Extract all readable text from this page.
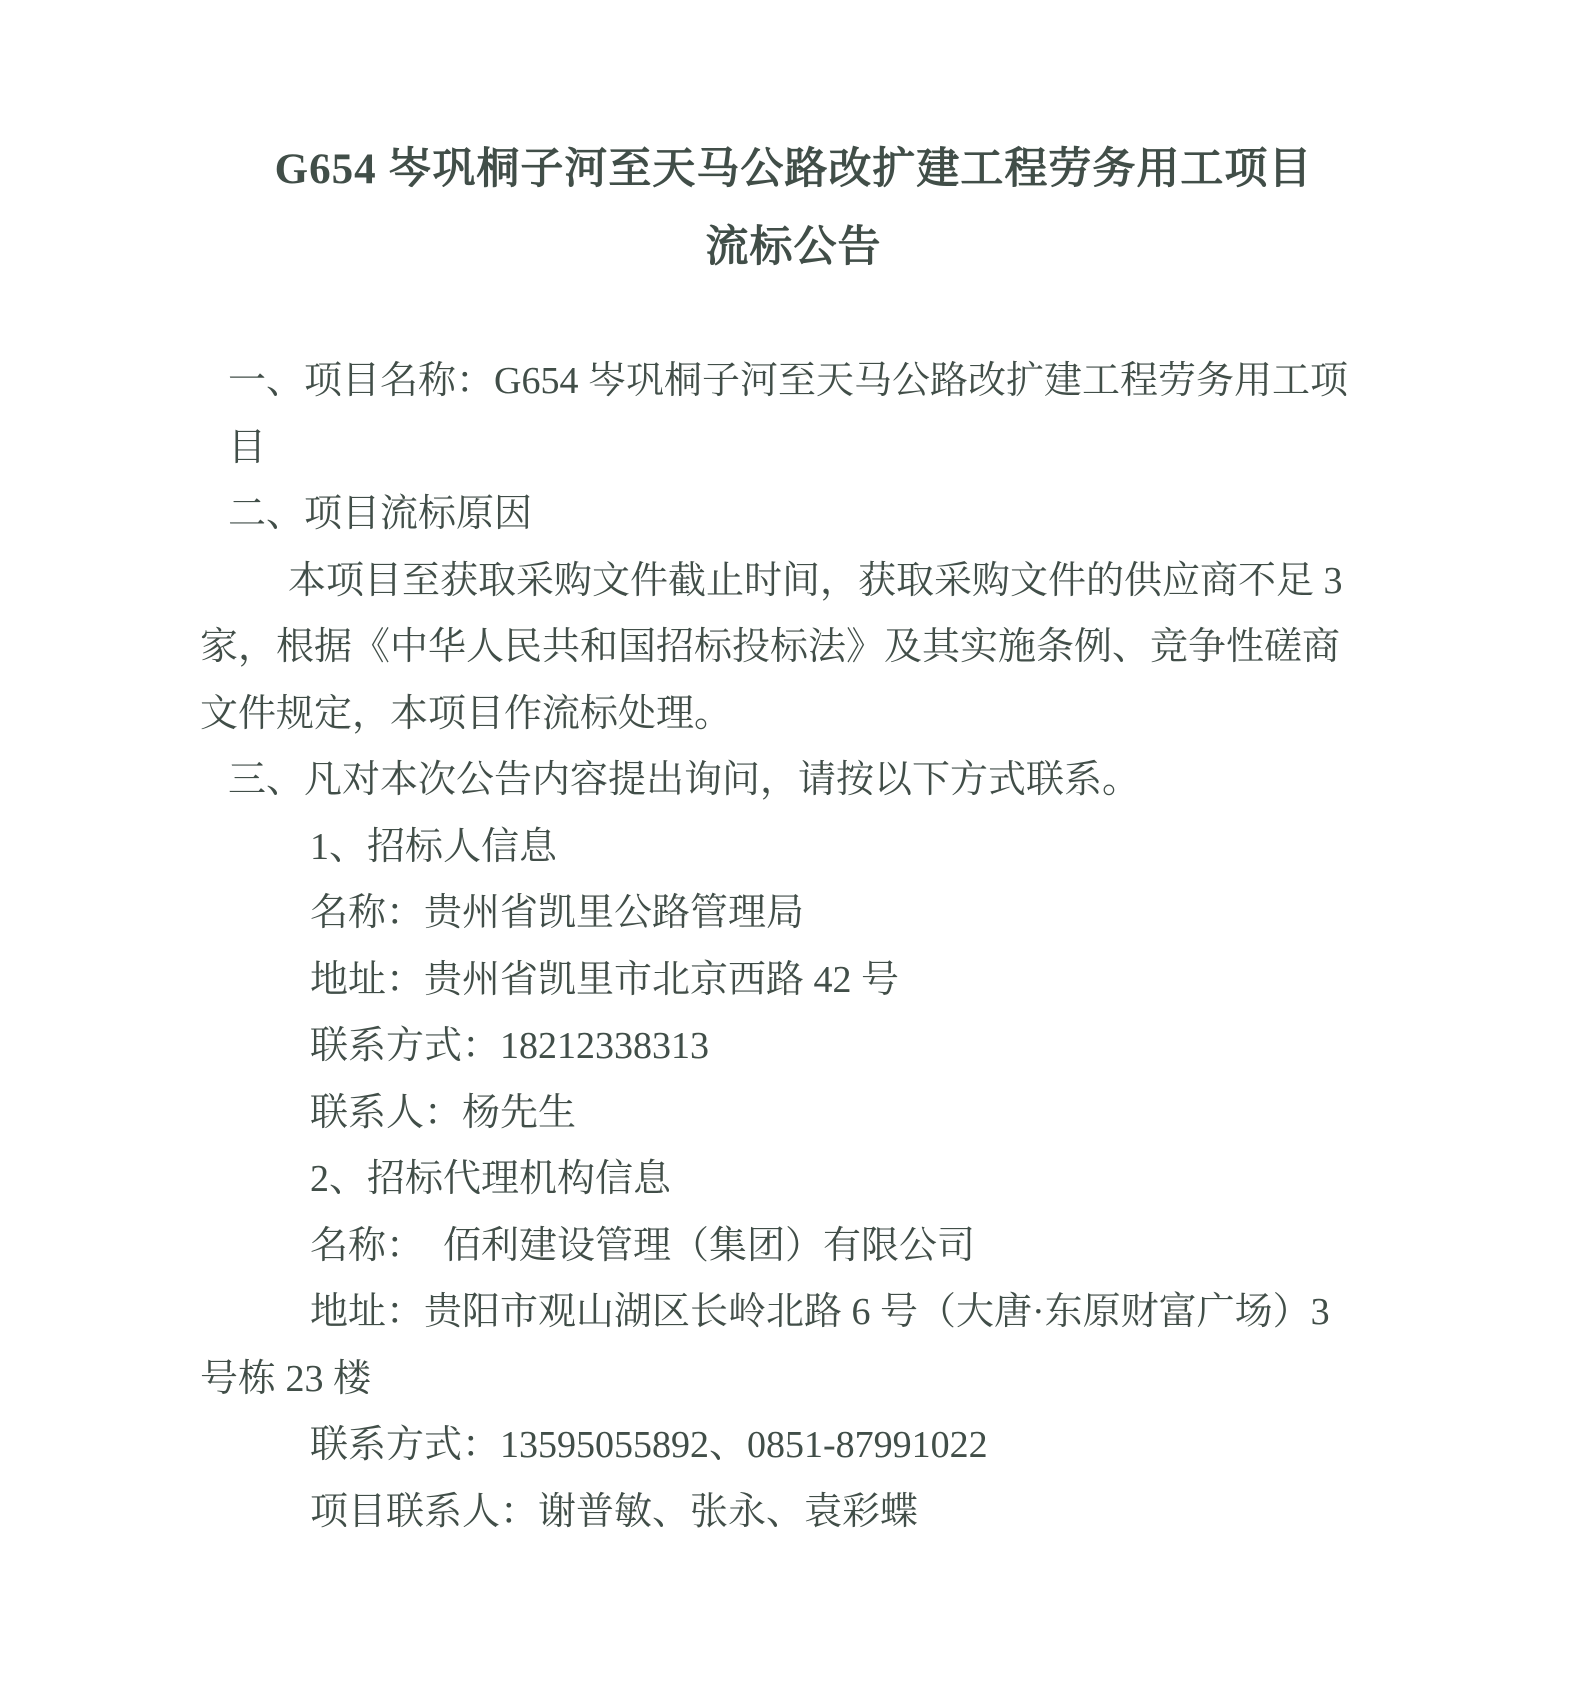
G654 岑巩桐子河至天马公路改扩建工程劳务用工项目
流标公告
一、项目名称：G654 岑巩桐子河至天马公路改扩建工程劳务用工项
目
二、项目流标原因
本项目至获取采购文件截止时间，获取采购文件的供应商不足 3
家，根据《中华人民共和国招标投标法》及其实施条例、竞争性磋商
文件规定，本项目作流标处理。
三、凡对本次公告内容提出询问，请按以下方式联系。
1、招标人信息
名称：贵州省凯里公路管理局
地址：贵州省凯里市北京西路 42 号
联系方式：18212338313
联系人：杨先生
2、招标代理机构信息
名称：　佰利建设管理（集团）有限公司
地址：贵阳市观山湖区长岭北路 6 号（大唐·东原财富广场）3
号栋 23 楼
联系方式：13595055892、0851-87991022
项目联系人：谢普敏、张永、袁彩蝶
